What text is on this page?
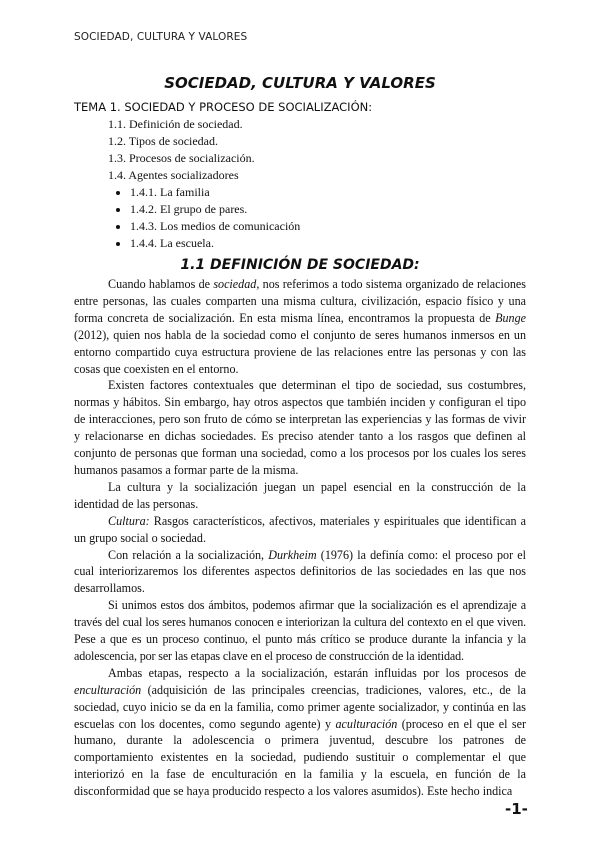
SOCIEDAD, CULTURA Y VALORES
SOCIEDAD, CULTURA Y VALORES
TEMA 1. SOCIEDAD Y PROCESO DE SOCIALIZACIÓN:
1.1. Definición de sociedad.
1.2. Tipos de sociedad.
1.3. Procesos de socialización.
1.4. Agentes socializadores
1.4.1. La familia
1.4.2. El grupo de pares.
1.4.3. Los medios de comunicación
1.4.4. La escuela.
1.1 DEFINICIÓN DE SOCIEDAD:

Cuando hablamos de sociedad, nos referimos a todo sistema organizado de relaciones entre personas, las cuales comparten una misma cultura, civilización, espacio físico y una forma concreta de socialización. En esta misma línea, encontramos la propuesta de Bunge (2012), quien nos habla de la sociedad como el conjunto de seres humanos inmersos en un entorno compartido cuya estructura proviene de las relaciones entre las personas y con las cosas que coexisten en el entorno.

Existen factores contextuales que determinan el tipo de sociedad, sus costumbres, normas y hábitos. Sin embargo, hay otros aspectos que también inciden y configuran el tipo de interacciones, pero son fruto de cómo se interpretan las experiencias y las formas de vivir y relacionarse en dichas sociedades. Es preciso atender tanto a los rasgos que definen al conjunto de personas que forman una sociedad, como a los procesos por los cuales los seres humanos pasamos a formar parte de la misma.

La cultura y la socialización juegan un papel esencial en la construcción de la identidad de las personas.

Cultura: Rasgos característicos, afectivos, materiales y espirituales que identifican a un grupo social o sociedad.

Con relación a la socialización, Durkheim (1976) la definía como: el proceso por el cual interiorizaremos los diferentes aspectos definitorios de las sociedades en las que nos desarrollamos.

Si unimos estos dos ámbitos, podemos afirmar que la socialización es el aprendizaje a través del cual los seres humanos conocen e interiorizan la cultura del contexto en el que viven. Pese a que es un proceso continuo, el punto más crítico se produce durante la infancia y la adolescencia, por ser las etapas clave en el proceso de construcción de la identidad.

Ambas etapas, respecto a la socialización, estarán influidas por los procesos de enculturación (adquisición de las principales creencias, tradiciones, valores, etc., de la sociedad, cuyo inicio se da en la familia, como primer agente socializador, y continúa en las escuelas con los docentes, como segundo agente) y aculturación (proceso en el que el ser humano, durante la adolescencia o primera juventud, descubre los patrones de comportamiento existentes en la sociedad, pudiendo sustituir o complementar el que interiorizó en la fase de enculturación en la familia y la escuela, en función de la disconformidad que se haya producido respecto a los valores asumidos). Este hecho indica

-1-
